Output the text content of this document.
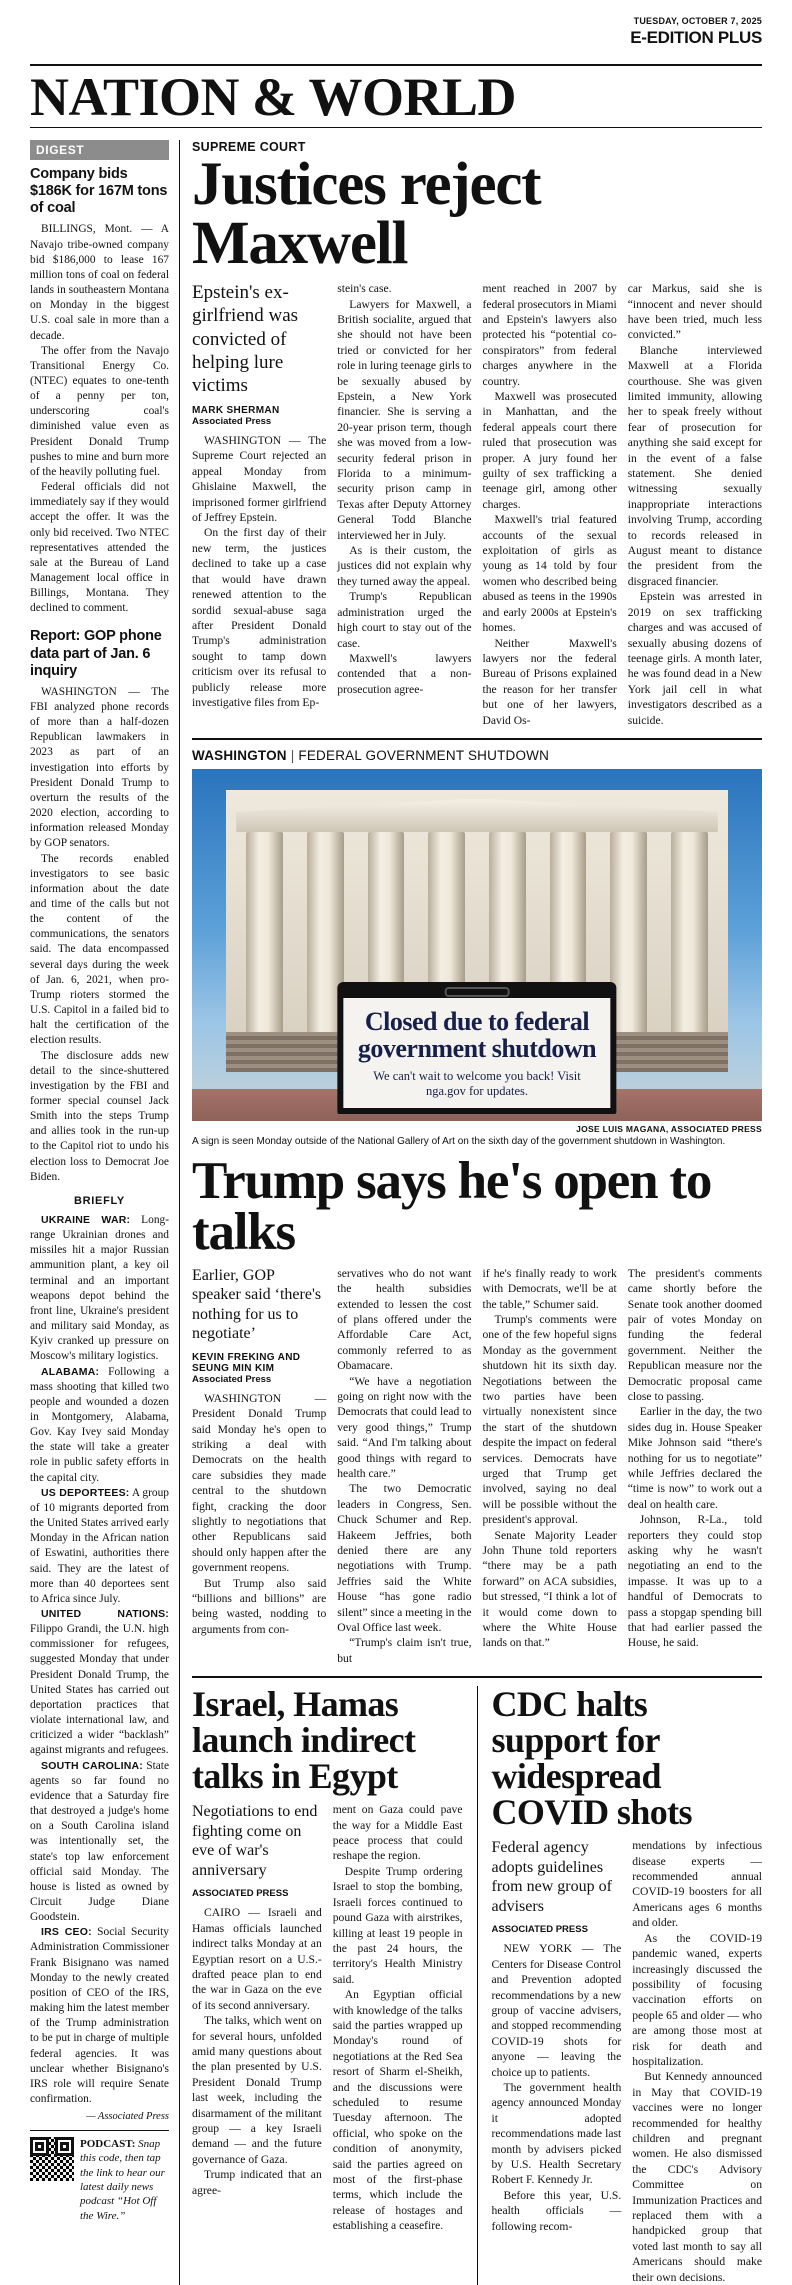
TUESDAY, OCTOBER 7, 2025
E-EDITION PLUS
NATION & WORLD
DIGEST
Company bids $186K for 167M tons of coal

BILLINGS, Mont. — A Navajo tribe-owned company bid $186,000 to lease 167 million tons of coal on federal lands in southeastern Montana on Monday in the biggest U.S. coal sale in more than a decade.

The offer from the Navajo Transitional Energy Co. (NTEC) equates to one-tenth of a penny per ton, underscoring coal's diminished value even as President Donald Trump pushes to mine and burn more of the heavily polluting fuel.

Federal officials did not immediately say if they would accept the offer. It was the only bid received. Two NTEC representatives attended the sale at the Bureau of Land Management local office in Billings, Montana. They declined to comment.

Report: GOP phone data part of Jan. 6 inquiry

WASHINGTON — The FBI analyzed phone records of more than a half-dozen Republican lawmakers in 2023 as part of an investigation into efforts by President Donald Trump to overturn the results of the 2020 election, according to information released Monday by GOP senators.

The records enabled investigators to see basic information about the date and time of the calls but not the content of the communications, the senators said. The data encompassed several days during the week of Jan. 6, 2021, when pro-Trump rioters stormed the U.S. Capitol in a failed bid to halt the certification of the election results.

The disclosure adds new detail to the since-shuttered investigation by the FBI and former special counsel Jack Smith into the steps Trump and allies took in the run-up to the Capitol riot to undo his election loss to Democrat Joe Biden.

BRIEFLY

UKRAINE WAR: Long-range Ukrainian drones and missiles hit a major Russian ammunition plant, a key oil terminal and an important weapons depot behind the front line, Ukraine's president and military said Monday, as Kyiv cranked up pressure on Moscow's military logistics.

ALABAMA: Following a mass shooting that killed two people and wounded a dozen in Montgomery, Alabama, Gov. Kay Ivey said Monday the state will take a greater role in public safety efforts in the capital city.

US DEPORTEES: A group of 10 migrants deported from the United States arrived early Monday in the African nation of Eswatini, authorities there said. They are the latest of more than 40 deportees sent to Africa since July.

UNITED NATIONS: Filippo Grandi, the U.N. high commissioner for refugees, suggested Monday that under President Donald Trump, the United States has carried out deportation practices that violate international law, and criticized a wider “backlash” against migrants and refugees.

SOUTH CAROLINA: State agents so far found no evidence that a Saturday fire that destroyed a judge's home on a South Carolina island was intentionally set, the state's top law enforcement official said Monday. The house is listed as owned by Circuit Judge Diane Goodstein.

IRS CEO: Social Security Administration Commissioner Frank Bisignano was named Monday to the newly created position of CEO of the IRS, making him the latest member of the Trump administration to be put in charge of multiple federal agencies. It was unclear whether Bisignano's IRS role will require Senate confirmation.

— Associated Press
PODCAST: Snap this code, then tap the link to hear our latest daily news podcast “Hot Off the Wire.”
SUPREME COURT
Justices reject Maxwell
Epstein's ex-girlfriend was convicted of helping lure victims
MARK SHERMAN
Associated Press

WASHINGTON — The Supreme Court rejected an appeal Monday from Ghislaine Maxwell, the imprisoned former girlfriend of Jeffrey Epstein.

On the first day of their new term, the justices declined to take up a case that would have drawn renewed attention to the sordid sexual-abuse saga after President Donald Trump's administration sought to tamp down criticism over its refusal to publicly release more investigative files from Ep-

stein's case.

Lawyers for Maxwell, a British socialite, argued that she should not have been tried or convicted for her role in luring teenage girls to be sexually abused by Epstein, a New York financier. She is serving a 20-year prison term, though she was moved from a low-security federal prison in Florida to a minimum-security prison camp in Texas after Deputy Attorney General Todd Blanche interviewed her in July.

As is their custom, the justices did not explain why they turned away the appeal.

Trump's Republican administration urged the high court to stay out of the case.

Maxwell's lawyers contended that a non-prosecution agree-

ment reached in 2007 by federal prosecutors in Miami and Epstein's lawyers also protected his “potential co-conspirators” from federal charges anywhere in the country.

Maxwell was prosecuted in Manhattan, and the federal appeals court there ruled that prosecution was proper. A jury found her guilty of sex trafficking a teenage girl, among other charges.

Maxwell's trial featured accounts of the sexual exploitation of girls as young as 14 told by four women who described being abused as teens in the 1990s and early 2000s at Epstein's homes.

Neither Maxwell's lawyers nor the federal Bureau of Prisons explained the reason for her transfer but one of her lawyers, David Os-

car Markus, said she is “innocent and never should have been tried, much less convicted.”

Blanche interviewed Maxwell at a Florida courthouse. She was given limited immunity, allowing her to speak freely without fear of prosecution for anything she said except for in the event of a false statement. She denied witnessing sexually inappropriate interactions involving Trump, according to records released in August meant to distance the president from the disgraced financier.

Epstein was arrested in 2019 on sex trafficking charges and was accused of sexually abusing dozens of teenage girls. A month later, he was found dead in a New York jail cell in what investigators described as a suicide.

WASHINGTON | FEDERAL GOVERNMENT SHUTDOWN
Closed due to federal government shutdown
We can't wait to welcome you back! Visit nga.gov for updates.
JOSE LUIS MAGANA, ASSOCIATED PRESS
A sign is seen Monday outside of the National Gallery of Art on the sixth day of the government shutdown in Washington.
Trump says he's open to talks
Earlier, GOP speaker said ‘there's nothing for us to negotiate’
KEVIN FREKING AND SEUNG MIN KIM
Associated Press

WASHINGTON — President Donald Trump said Monday he's open to striking a deal with Democrats on the health care subsidies they made central to the shutdown fight, cracking the door slightly to negotiations that other Republicans said should only happen after the government reopens.

But Trump also said “billions and billions” are being wasted, nodding to arguments from con-

servatives who do not want the health subsidies extended to lessen the cost of plans offered under the Affordable Care Act, commonly referred to as Obamacare.

“We have a negotiation going on right now with the Democrats that could lead to very good things,” Trump said. “And I'm talking about good things with regard to health care.”

The two Democratic leaders in Congress, Sen. Chuck Schumer and Rep. Hakeem Jeffries, both denied there are any negotiations with Trump. Jeffries said the White House “has gone radio silent” since a meeting in the Oval Office last week.

“Trump's claim isn't true, but

if he's finally ready to work with Democrats, we'll be at the table,” Schumer said.

Trump's comments were one of the few hopeful signs Monday as the government shutdown hit its sixth day. Negotiations between the two parties have been virtually nonexistent since the start of the shutdown despite the impact on federal services. Democrats have urged that Trump get involved, saying no deal will be possible without the president's approval.

Senate Majority Leader John Thune told reporters “there may be a path forward” on ACA subsidies, but stressed, “I think a lot of it would come down to where the White House lands on that.”

The president's comments came shortly before the Senate took another doomed pair of votes Monday on funding the federal government. Neither the Republican measure nor the Democratic proposal came close to passing.

Earlier in the day, the two sides dug in. House Speaker Mike Johnson said “there's nothing for us to negotiate” while Jeffries declared the “time is now” to work out a deal on health care.

Johnson, R-La., told reporters they could stop asking why he wasn't negotiating an end to the impasse. It was up to a handful of Democrats to pass a stopgap spending bill that had earlier passed the House, he said.

Israel, Hamas launch indirect talks in Egypt
Negotiations to end fighting come on eve of war's anniversary
ASSOCIATED PRESS

CAIRO — Israeli and Hamas officials launched indirect talks Monday at an Egyptian resort on a U.S.-drafted peace plan to end the war in Gaza on the eve of its second anniversary.

The talks, which went on for several hours, unfolded amid many questions about the plan presented by U.S. President Donald Trump last week, including the disarmament of the militant group — a key Israeli demand — and the future governance of Gaza.

Trump indicated that an agree-

ment on Gaza could pave the way for a Middle East peace process that could reshape the region.

Despite Trump ordering Israel to stop the bombing, Israeli forces continued to pound Gaza with airstrikes, killing at least 19 people in the past 24 hours, the territory's Health Ministry said.

An Egyptian official with knowledge of the talks said the parties wrapped up Monday's round of negotiations at the Red Sea resort of Sharm el-Sheikh, and the discussions were scheduled to resume Tuesday afternoon. The official, who spoke on the condition of anonymity, said the parties agreed on most of the first-phase terms, which include the release of hostages and establishing a ceasefire.

CDC halts support for widespread COVID shots
Federal agency adopts guidelines from new group of advisers
ASSOCIATED PRESS

NEW YORK — The Centers for Disease Control and Prevention adopted recommendations by a new group of vaccine advisers, and stopped recommending COVID-19 shots for anyone — leaving the choice up to patients.

The government health agency announced Monday it adopted recommendations made last month by advisers picked by U.S. Health Secretary Robert F. Kennedy Jr.

Before this year, U.S. health officials — following recom-

mendations by infectious disease experts — recommended annual COVID-19 boosters for all Americans ages 6 months and older.

As the COVID-19 pandemic waned, experts increasingly discussed the possibility of focusing vaccination efforts on people 65 and older — who are among those most at risk for death and hospitalization.

But Kennedy announced in May that COVID-19 vaccines were no longer recommended for healthy children and pregnant women. He also dismissed the CDC's Advisory Committee on Immunization Practices and replaced them with a handpicked group that voted last month to say all Americans should make their own decisions.
